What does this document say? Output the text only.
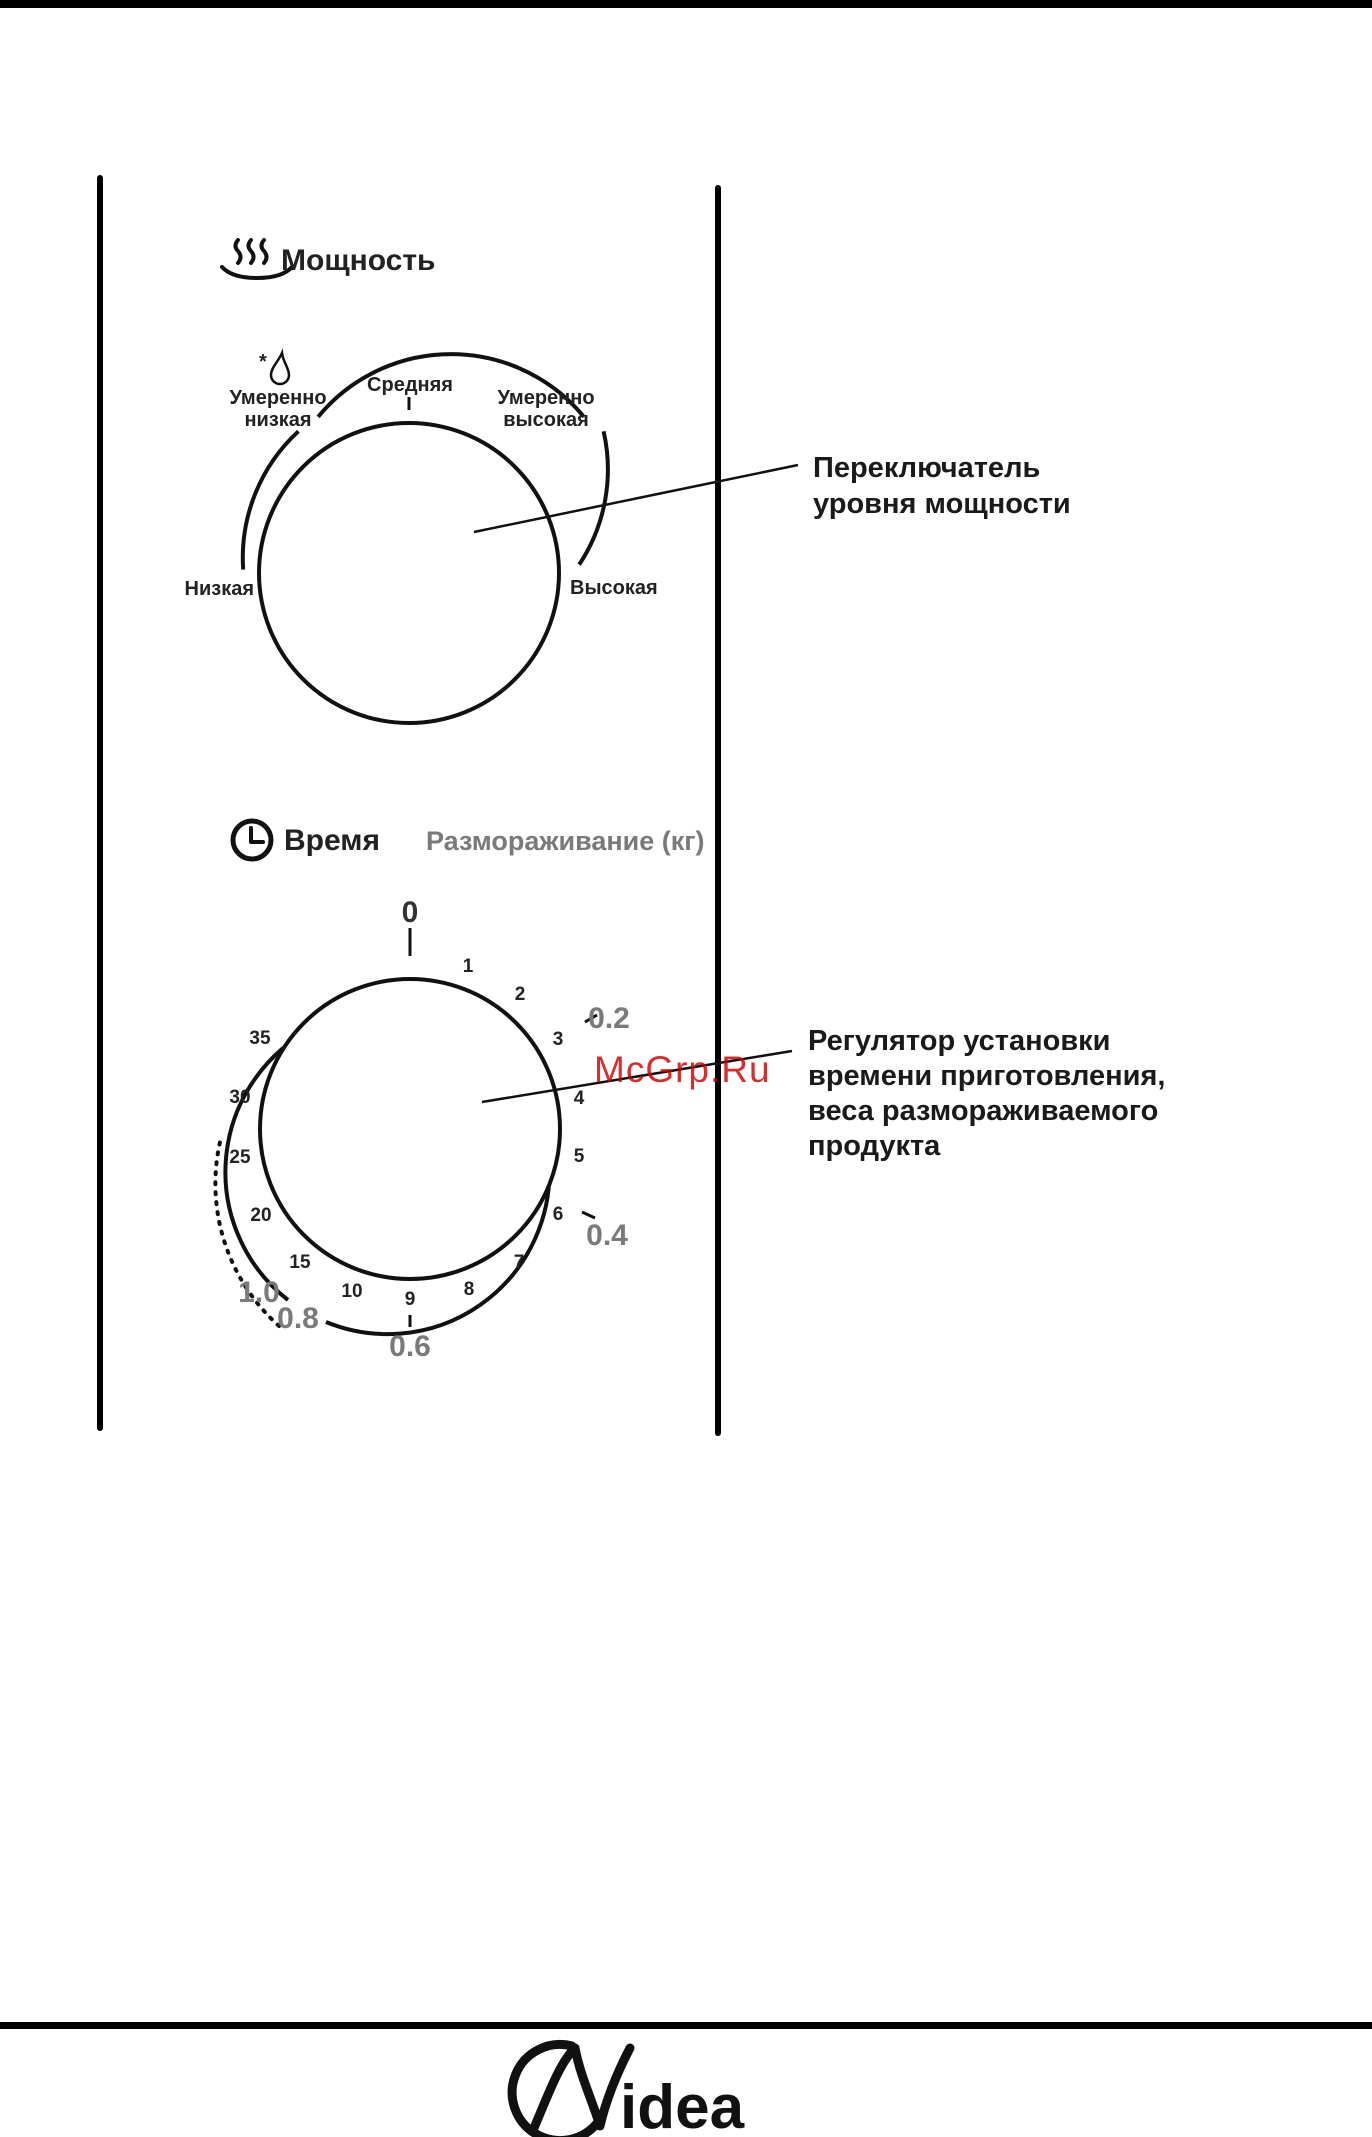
Мощность
Низкая
Умеренно
низкая
Средняя
Умеренно
высокая
Высокая
*
Переключатель
уровня мощности
Время Размораживание (кг)
0
1
2
3
4
5
6
7
8
9
10
15
20
25
30
35
0.2
0.4
0.6
0.8
1.0
Регулятор установки
времени приготовления,
веса размораживаемого
продукта
McGrp.Ru
idea
